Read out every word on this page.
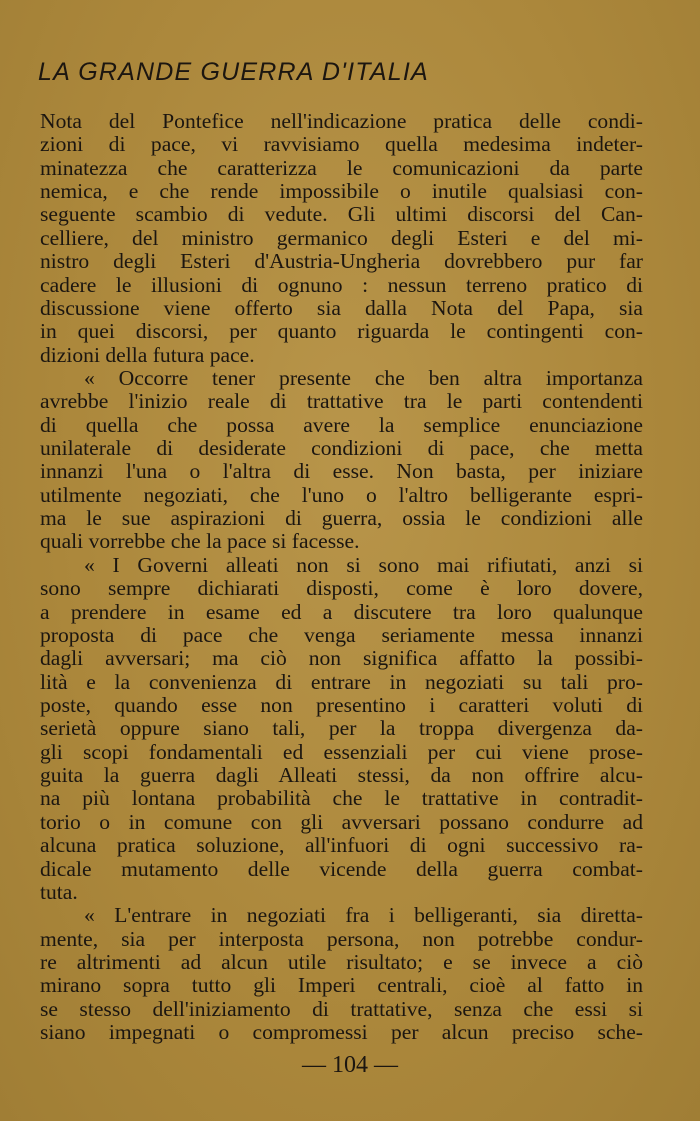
LA GRANDE GUERRA D'ITALIA
Nota del Pontefice nell'indicazione pratica delle condi-
zioni di pace, vi ravvisiamo quella medesima indeter-
minatezza che caratterizza le comunicazioni da parte
nemica, e che rende impossibile o inutile qualsiasi con-
seguente scambio di vedute. Gli ultimi discorsi del Can-
celliere, del ministro germanico degli Esteri e del mi-
nistro degli Esteri d'Austria-Ungheria dovrebbero pur far
cadere le illusioni di ognuno : nessun terreno pratico di
discussione viene offerto sia dalla Nota del Papa, sia
in quei discorsi, per quanto riguarda le contingenti con-
dizioni della futura pace.
« Occorre tener presente che ben altra importanza
avrebbe l'inizio reale di trattative tra le parti contendenti
di quella che possa avere la semplice enunciazione
unilaterale di desiderate condizioni di pace, che metta
innanzi l'una o l'altra di esse. Non basta, per iniziare
utilmente negoziati, che l'uno o l'altro belligerante espri-
ma le sue aspirazioni di guerra, ossia le condizioni alle
quali vorrebbe che la pace si facesse.
« I Governi alleati non si sono mai rifiutati, anzi si
sono sempre dichiarati disposti, come è loro dovere,
a prendere in esame ed a discutere tra loro qualunque
proposta di pace che venga seriamente messa innanzi
dagli avversari; ma ciò non significa affatto la possibi-
lità e la convenienza di entrare in negoziati su tali pro-
poste, quando esse non presentino i caratteri voluti di
serietà oppure siano tali, per la troppa divergenza da-
gli scopi fondamentali ed essenziali per cui viene prose-
guita la guerra dagli Alleati stessi, da non offrire alcu-
na più lontana probabilità che le trattative in contradit-
torio o in comune con gli avversari possano condurre ad
alcuna pratica soluzione, all'infuori di ogni successivo ra-
dicale mutamento delle vicende della guerra combat-
tuta.
« L'entrare in negoziati fra i belligeranti, sia diretta-
mente, sia per interposta persona, non potrebbe condur-
re altrimenti ad alcun utile risultato; e se invece a ciò
mirano sopra tutto gli Imperi centrali, cioè al fatto in
se stesso dell'iniziamento di trattative, senza che essi si
siano impegnati o compromessi per alcun preciso sche-
— 104 —
